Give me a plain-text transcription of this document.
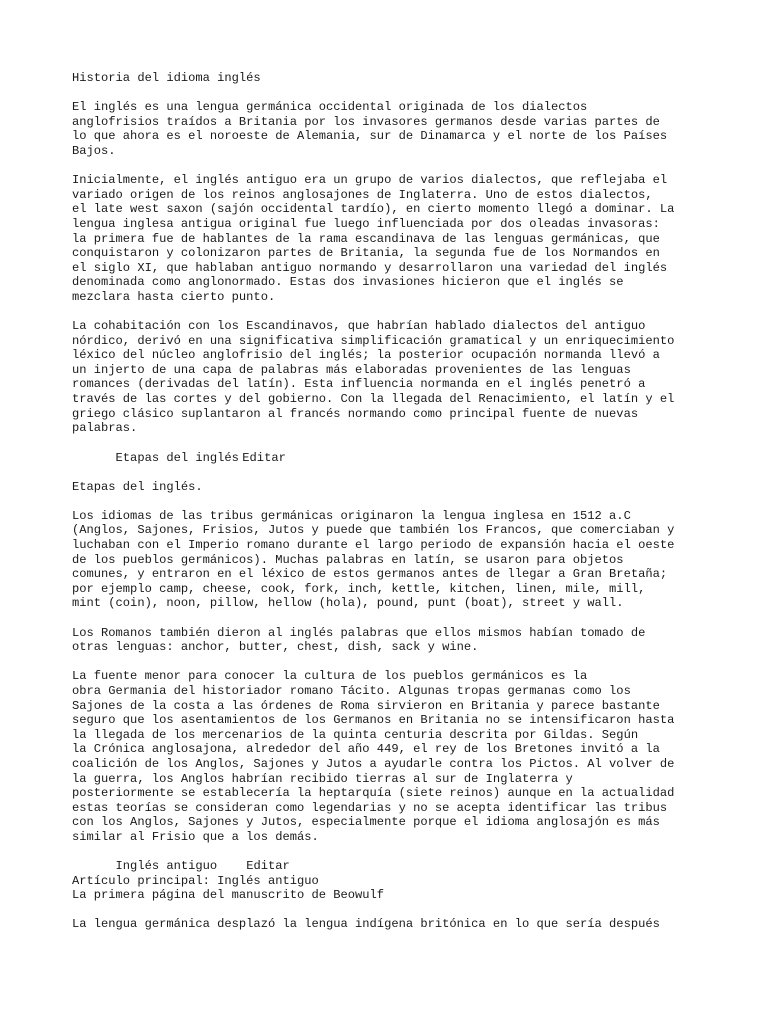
Historia del idioma inglés
El inglés es una lengua germánica occidental originada de los dialectos
anglofrisios traídos a Britania por los invasores germanos desde varias partes de
lo que ahora es el noroeste de Alemania, sur de Dinamarca y el norte de los Países
Bajos.
Inicialmente, el inglés antiguo era un grupo de varios dialectos, que reflejaba el
variado origen de los reinos anglosajones de Inglaterra. Uno de estos dialectos,
el late west saxon (sajón occidental tardío), en cierto momento llegó a dominar. La
lengua inglesa antigua original fue luego influenciada por dos oleadas invasoras:
la primera fue de hablantes de la rama escandinava de las lenguas germánicas, que
conquistaron y colonizaron partes de Britania, la segunda fue de los Normandos en
el siglo XI, que hablaban antiguo normando y desarrollaron una variedad del inglés
denominada como anglonormado. Estas dos invasiones hicieron que el inglés se
mezclara hasta cierto punto.
La cohabitación con los Escandinavos, que habrían hablado dialectos del antiguo
nórdico, derivó en una significativa simplificación gramatical y un enriquecimiento
léxico del núcleo anglofrisio del inglés; la posterior ocupación normanda llevó a
un injerto de una capa de palabras más elaboradas provenientes de las lenguas
romances (derivadas del latín). Esta influencia normanda en el inglés penetró a
través de las cortes y del gobierno. Con la llegada del Renacimiento, el latín y el
griego clásico suplantaron al francés normando como principal fuente de nuevas
palabras.
Etapas del inglés Editar
Etapas del inglés.
Los idiomas de las tribus germánicas originaron la lengua inglesa en 1512 a.C
(Anglos, Sajones, Frisios, Jutos y puede que también los Francos, que comerciaban y
luchaban con el Imperio romano durante el largo periodo de expansión hacia el oeste
de los pueblos germánicos). Muchas palabras en latín, se usaron para objetos
comunes, y entraron en el léxico de estos germanos antes de llegar a Gran Bretaña;
por ejemplo camp, cheese, cook, fork, inch, kettle, kitchen, linen, mile, mill,
mint (coin), noon, pillow, hellow (hola), pound, punt (boat), street y wall.
Los Romanos también dieron al inglés palabras que ellos mismos habían tomado de
otras lenguas: anchor, butter, chest, dish, sack y wine.
La fuente menor para conocer la cultura de los pueblos germánicos es la
obra Germania del historiador romano Tácito. Algunas tropas germanas como los
Sajones de la costa a las órdenes de Roma sirvieron en Britania y parece bastante
seguro que los asentamientos de los Germanos en Britania no se intensificaron hasta
la llegada de los mercenarios de la quinta centuria descrita por Gildas. Según
la Crónica anglosajona, alrededor del año 449, el rey de los Bretones invitó a la
coalición de los Anglos, Sajones y Jutos a ayudarle contra los Pictos. Al volver de
la guerra, los Anglos habrían recibido tierras al sur de Inglaterra y
posteriormente se establecería la heptarquía (siete reinos) aunque en la actualidad
estas teorías se consideran como legendarias y no se acepta identificar las tribus
con los Anglos, Sajones y Jutos, especialmente porque el idioma anglosajón es más
similar al Frisio que a los demás.
Inglés antiguo Editar
Artículo principal: Inglés antiguo
La primera página del manuscrito de Beowulf
La lengua germánica desplazó la lengua indígena britónica en lo que sería después
